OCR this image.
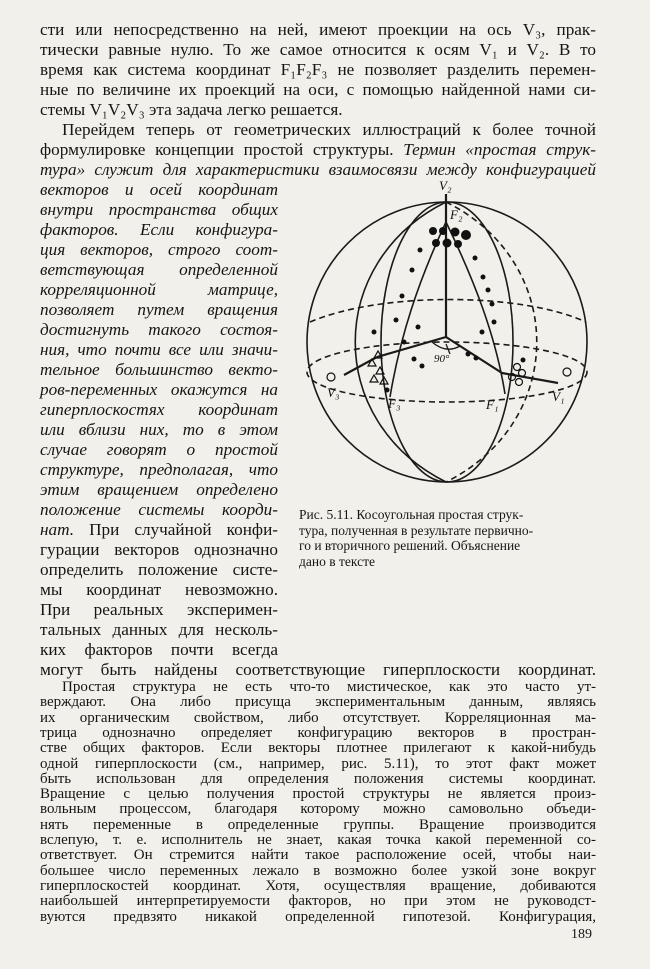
сти или непосредственно на ней, имеют проекции на ось V₃, прак-
тически равные нулю. То же самое относится к осям V₁ и V₂. В то
время как система координат F₁F₂F₃ не позволяет разделить перемен-
ные по величине их проекций на оси, с помощью найденной нами си-
стемы V₁V₂V₃ эта задача легко решается.
Перейдем теперь от геометрических иллюстраций к более точной
формулировке концепции простой структуры. Термин «простая струк-
тура» служит для характеристики взаимосвязи между конфигурацией
векторов и осей координат
внутри пространства общих
факторов. Если конфигура-
ция векторов, строго соот-
ветствующая определенной
корреляционной матрице,
позволяет путем вращения
достигнуть такого состоя-
ния, что почти все или значи-
тельное большинство векто-
ров-переменных окажутся на
гиперплоскостях координат
или вблизи них, то в этом
случае говорят о простой
структуре, предполагая, что
этим вращением определено
положение системы коорди-
нат. При случайной конфи-
гурации векторов однозначно
определить положение систе-
мы координат невозможно.
При реальных эксперимен-
тальных данных для несколь-
ких факторов почти всегда
могут быть найдены соответствующие гиперплоскости координат.
Простая структура не есть что-то мистическое, как это часто ут-
верждают. Она либо присуща экспериментальным данным, являясь
их органическим свойством, либо отсутствует. Корреляционная ма-
трица однозначно определяет конфигурацию векторов в простран-
стве общих факторов. Если векторы плотнее прилегают к какой-нибудь
одной гиперплоскости (см., например, рис. 5.11), то этот факт может
быть использован для определения положения системы координат.
Вращение с целью получения простой структуры не является произ-
вольным процессом, благодаря которому можно самовольно объеди-
нять переменные в определенные группы. Вращение производится
вслепую, т. е. исполнитель не знает, какая точка какой переменной со-
ответствует. Он стремится найти такое расположение осей, чтобы наи-
большее число переменных лежало в возможно более узкой зоне вокруг
гиперплоскостей координат. Хотя, осуществляя вращение, добиваются
наибольшей интерпретируемости факторов, но при этом не руководст-
вуются предвзято никакой определенной гипотезой. Конфигурация,
V₂
F₂
V₃
F₃	F₁
V₁
90°
Рис. 5.11. Косоугольная простая струк-
тура, полученная в результате первично-
го и вторичного решений. Объяснение
дано в тексте
189
